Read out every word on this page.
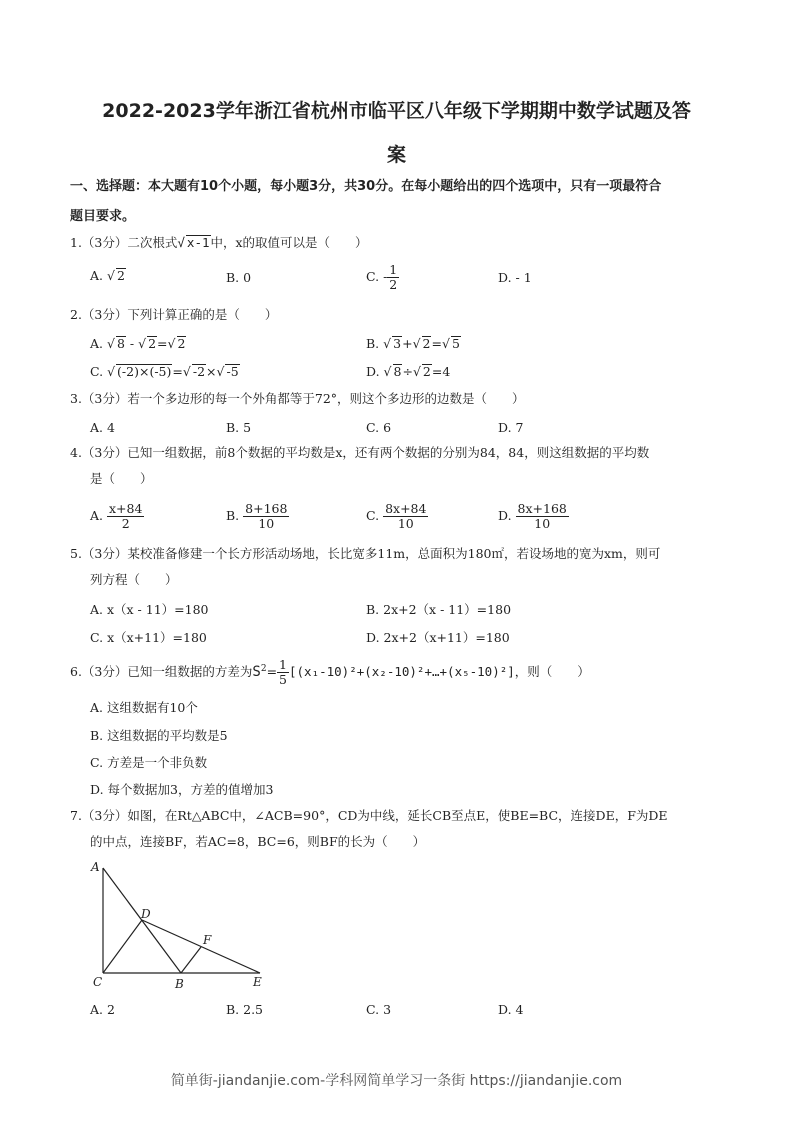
2022-2023学年浙江省杭州市临平区八年级下学期期中数学试题及答
案
一、选择题：本大题有10个小题，每小题3分，共30分。在每小题给出的四个选项中，只有一项最符合
题目要求。
1.（3分）二次根式 √ x-1中，x的取值可以是（　　）
A. √ 2	B. 0	C. - $\frac{1}{2}$	D. - 1
2.（3分）下列计算正确的是（　　）
A. √ 8 - √ 2= √ 2	B. √ 3+ √ 2= √ 5
C. √ (-2)×(-5)= √ -2× √ -5	D. √ 8÷ √ 2=4
3.（3分）若一个多边形的每一个外角都等于72°，则这个多边形的边数是（　　）
A. 4	B. 5	C. 6	D. 7
4.（3分）已知一组数据，前8个数据的平均数是x，还有两个数据的分别为84，84，则这组数据的平均数
是（　　）
A. $\frac{x+84}{2}$	B. $\frac{8+168}{10}$	C. $\frac{8x+84}{10}$	D. $\frac{8x+168}{10}$
5.（3分）某校准备修建一个长方形活动场地，长比宽多11m，总面积为180㎡，若设场地的宽为xm，则可
列方程（　　）
A. x（x - 11）=180	B. 2x+2（x - 11）=180
C. x（x+11）=180	D. 2x+2（x+11）=180
6.（3分）已知一组数据的方差为$S^2= \frac{1}{5}$ [(x₁-10)²+(x₂-10)²+…+(x₅-10)²]，则（　　）
A. 这组数据有10个
B. 这组数据的平均数是5
C. 方差是一个非负数
D. 每个数据加3，方差的值增加3
7.（3分）如图，在Rt△ABC中，∠ACB=90°，CD为中线，延长CB至点E，使BE=BC，连接DE，F为DE
的中点，连接BF，若AC=8，BC=6，则BF的长为（　　）
A
D
F
C	B	E
A. 2	B. 2.5	C. 3	D. 4
简单街-jiandanjie.com-学科网简单学习一条街 https://jiandanjie.com
